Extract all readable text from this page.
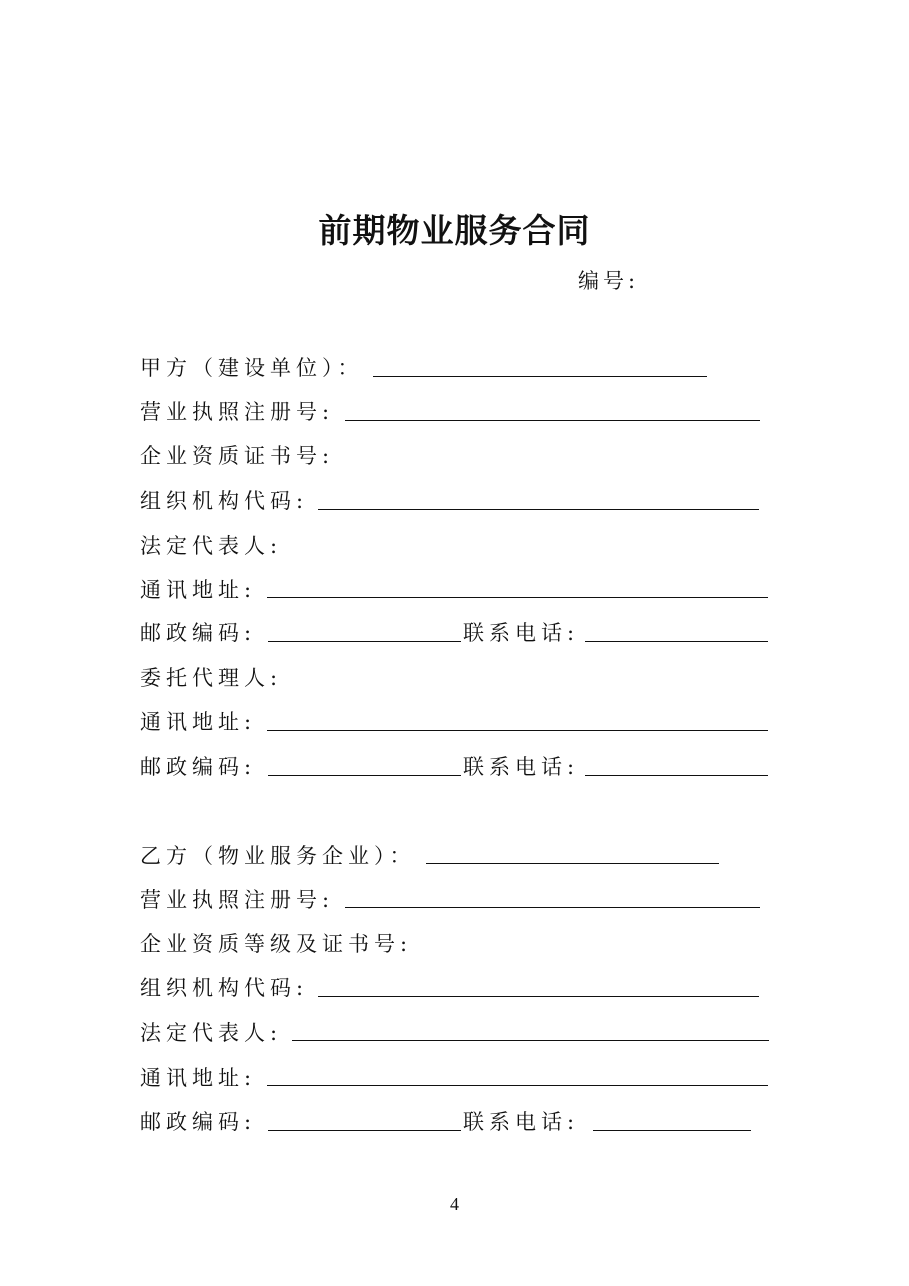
前期物业服务合同
编号:
甲方（建设单位）：
营业执照注册号:
企业资质证书号:
组织机构代码:
法定代表人:
通讯地址:
邮政编码:	联系电话:
委托代理人:
通讯地址:
邮政编码:	联系电话:
乙方（物业服务企业）：
营业执照注册号:
企业资质等级及证书号:
组织机构代码:
法定代表人:
通讯地址:
邮政编码:	联系电话:
4
